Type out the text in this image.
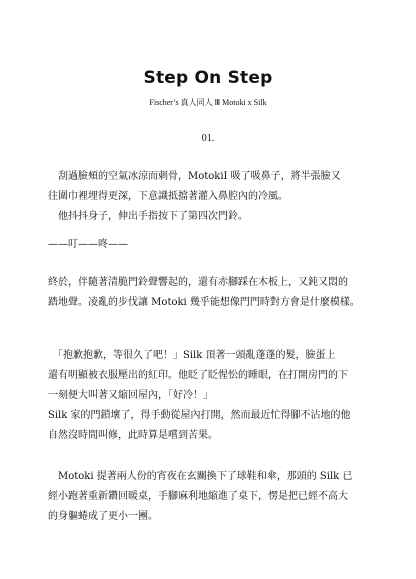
Step On Step
Fischer’s 真人同人 Ⅲ Motoki x Silk
01.
　刮過臉頰的空氣冰涼而刺骨，MotokiI 吸了吸鼻子，將半張臉又
往圍巾裡埋得更深，下意識抵擋著灌入鼻腔內的冷風。
　他抖抖身子，伸出手指按下了第四次門鈴。
——叮——咚——
終於，伴隨著清脆門鈴聲響起的，還有赤腳踩在木板上，又鈍又悶的
踏地聲。凌亂的步伐讓 Motoki 幾乎能想像門門時對方會是什麼模樣。
　「抱歉抱歉，等很久了吧！」Silk 頂著一頭亂蓬蓬的髮，臉蛋上
還有明顯被衣服壓出的紅印。他眨了眨惺忪的睡眼，在打開房門的下
一刻便大叫著又縮回屋內，「好冷！」
Silk 家的門鎖壞了，得手動從屋內打開，然而最近忙得腳不沾地的他
自然沒時間叫修，此時算是嚐到苦果。
　Motoki 提著兩人份的宵夜在玄關換下了球鞋和傘，那頭的 Silk 已
經小跑著重新鑽回暖桌，手腳麻利地縮進了桌下，愣是把已經不高大
的身軀蜷成了更小一團。
